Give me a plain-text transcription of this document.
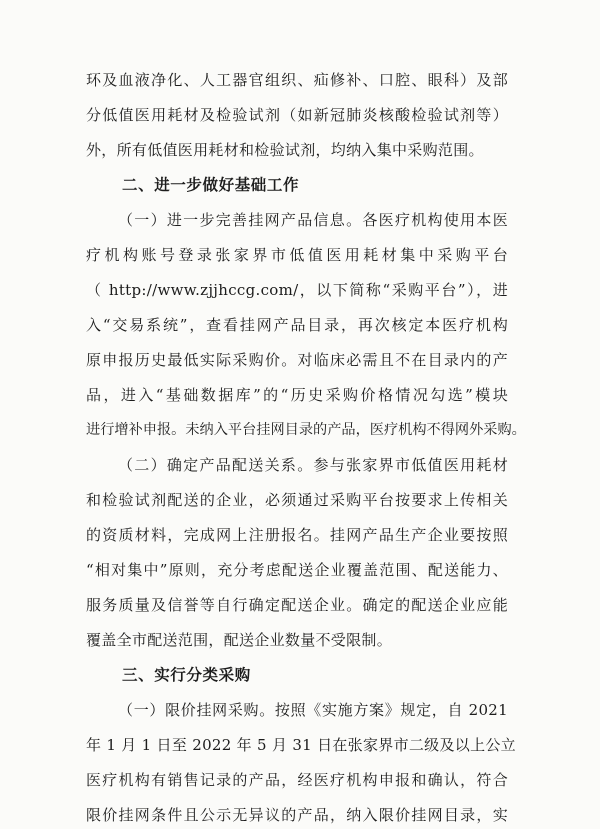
环及血液净化、人工器官组织、疝修补、口腔、眼科）及部
分低值医用耗材及检验试剂（如新冠肺炎核酸检验试剂等）
外，所有低值医用耗材和检验试剂，均纳入集中采购范围。
二、进一步做好基础工作
（一）进一步完善挂网产品信息。各医疗机构使用本医
疗机构账号登录张家界市低值医用耗材集中采购平台
（ http://www.zjjhccg.com/，以下简称“采购平台”），进
入“交易系统”，查看挂网产品目录，再次核定本医疗机构
原申报历史最低实际采购价。对临床必需且不在目录内的产
品，进入“基础数据库”的“历史采购价格情况勾选”模块
进行增补申报。未纳入平台挂网目录的产品，医疗机构不得网外采购。
（二）确定产品配送关系。参与张家界市低值医用耗材
和检验试剂配送的企业，必须通过采购平台按要求上传相关
的资质材料，完成网上注册报名。挂网产品生产企业要按照
“相对集中”原则，充分考虑配送企业覆盖范围、配送能力、
服务质量及信誉等自行确定配送企业。确定的配送企业应能
覆盖全市配送范围，配送企业数量不受限制。
三、实行分类采购
（一）限价挂网采购。按照《实施方案》规定，自 2021
年 1 月 1 日至 2022 年 5 月 31 日在张家界市二级及以上公立
医疗机构有销售记录的产品，经医疗机构申报和确认，符合
限价挂网条件且公示无异议的产品，纳入限价挂网目录，实
